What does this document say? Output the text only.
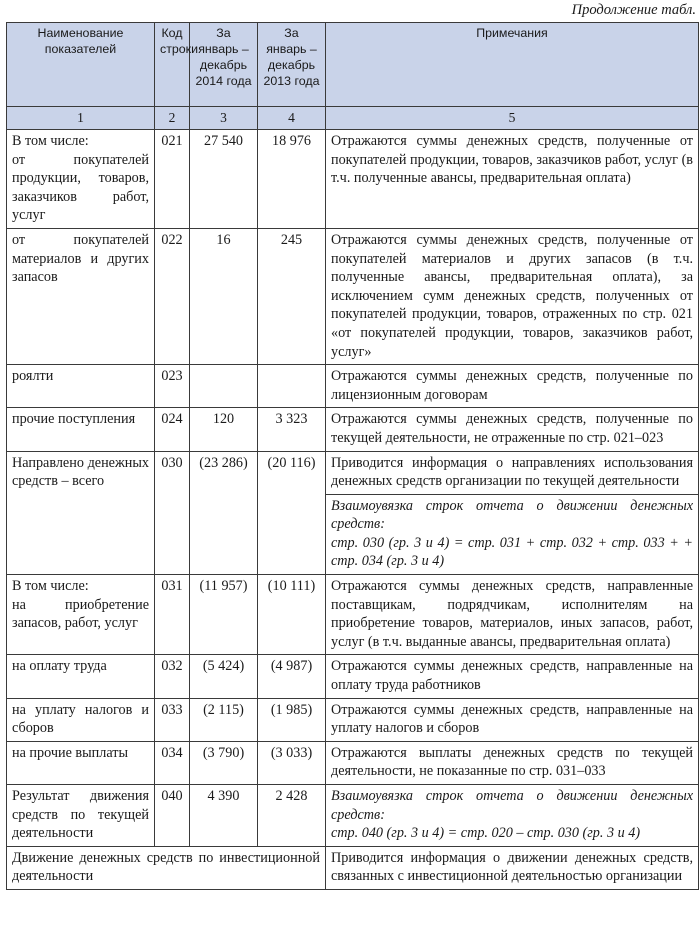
Продолжение табл.
Наименование показателей	Код строки	За январь – декабрь 2014 года	За январь – декабрь 2013 года	Примечания
1	2	3	4	5
В том числе:
от покупателей продукции, товаров, заказчиков работ, услуг	021	27 540	18 976	Отражаются суммы денежных средств, полученные от покупателей продукции, товаров, заказчиков работ, услуг (в т.ч. полученные авансы, предварительная оплата)
от покупателей материалов и других запасов	022	16	245	Отражаются суммы денежных средств, полученные от покупателей материалов и других запасов (в т.ч. полученные авансы, предварительная оплата), за исключением сумм денежных средств, полученных от покупателей продукции, товаров, отраженных по стр. 021 «от покупателей продукции, товаров, заказчиков работ, услуг»
роялти	023			Отражаются суммы денежных средств, полученные по лицензионным договорам
прочие поступления	024	120	3 323	Отражаются суммы денежных средств, полученные по текущей деятельности, не отраженные по стр. 021–023
Направлено денежных средств – всего	030	(23 286)	(20 116)	Приводится информация о направлениях использования денежных средств организации по текущей деятельности
				Взаимоувязка строк отчета о движении денежных средств:
стр. 030 (гр. 3 и 4) = стр. 031 + стр. 032 + стр. 033 + + стр. 034 (гр. 3 и 4)
В том числе:
на приобретение запасов, работ, услуг	031	(11 957)	(10 111)	Отражаются суммы денежных средств, направленные поставщикам, подрядчикам, исполнителям на приобретение товаров, материалов, иных запасов, работ, услуг (в т.ч. выданные авансы, предварительная оплата)
на оплату труда	032	(5 424)	(4 987)	Отражаются суммы денежных средств, направленные на оплату труда работников
на уплату налогов и сборов	033	(2 115)	(1 985)	Отражаются суммы денежных средств, направленные на уплату налогов и сборов
на прочие выплаты	034	(3 790)	(3 033)	Отражаются выплаты денежных средств по текущей деятельности, не показанные по стр. 031–033
Результат движения средств по текущей деятельности	040	4 390	2 428	Взаимоувязка строк отчета о движении денежных средств:
стр. 040 (гр. 3 и 4) = стр. 020 – стр. 030 (гр. 3 и 4)
Движение денежных средств по инвестиционной деятельности				Приводится информация о движении денежных средств, связанных с инвестиционной деятельностью организации
